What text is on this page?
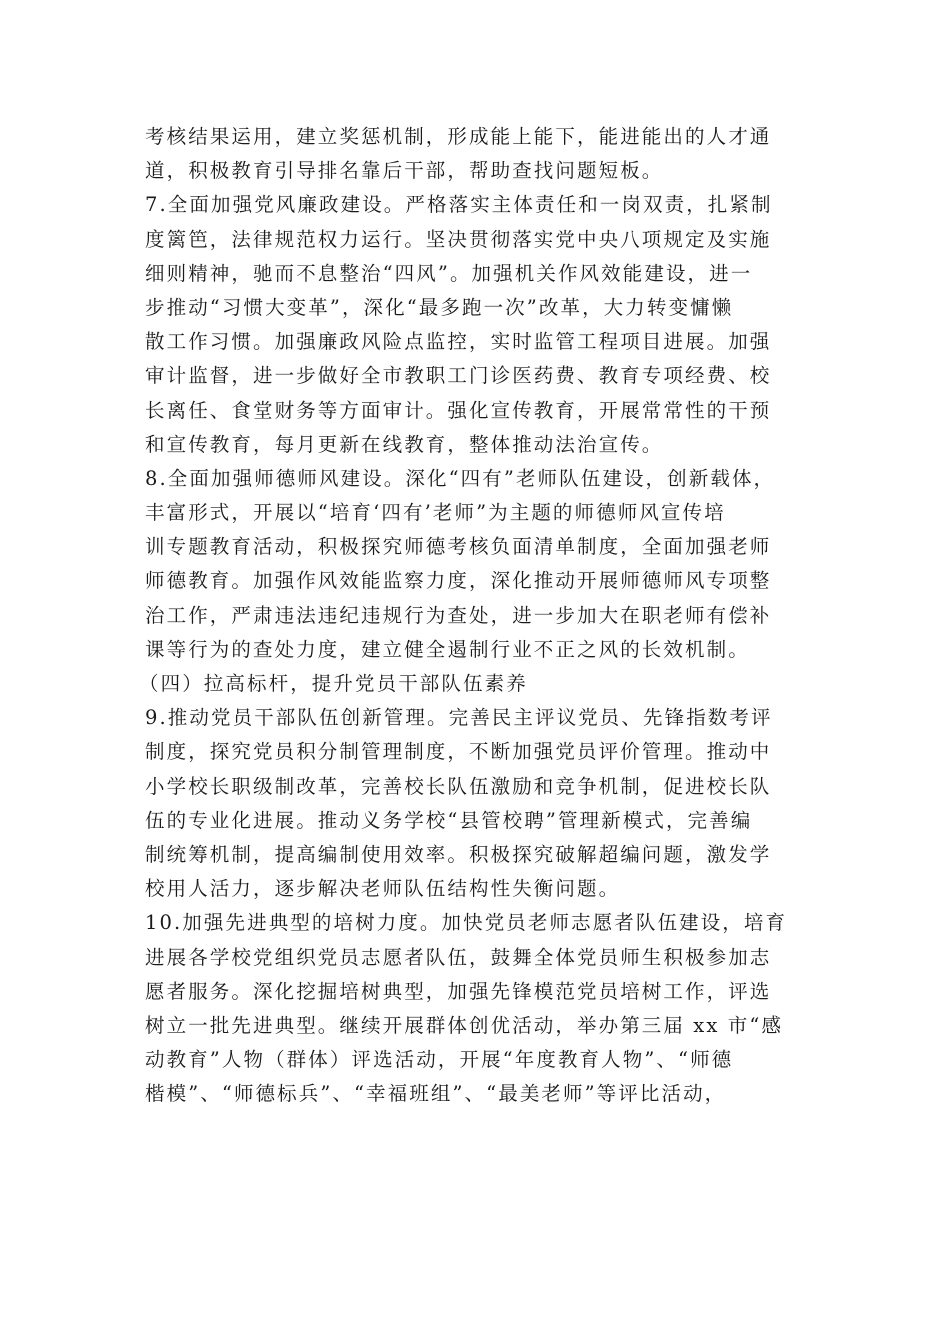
考核结果运用，建立奖惩机制，形成能上能下，能进能出的人才通
道，积极教育引导排名靠后干部，帮助查找问题短板。
7.全面加强党风廉政建设。严格落实主体责任和一岗双责，扎紧制
度篱笆，法律规范权力运行。坚决贯彻落实党中央八项规定及实施
细则精神，驰而不息整治“四风”。加强机关作风效能建设，进一
步推动“习惯大变革”，深化“最多跑一次”改革，大力转变慵懒
散工作习惯。加强廉政风险点监控，实时监管工程项目进展。加强
审计监督，进一步做好全市教职工门诊医药费、教育专项经费、校
长离任、食堂财务等方面审计。强化宣传教育，开展常常性的干预
和宣传教育，每月更新在线教育，整体推动法治宣传。
8.全面加强师德师风建设。深化“四有”老师队伍建设，创新载体，
丰富形式，开展以“培育‘四有’老师”为主题的师德师风宣传培
训专题教育活动，积极探究师德考核负面清单制度，全面加强老师
师德教育。加强作风效能监察力度，深化推动开展师德师风专项整
治工作，严肃违法违纪违规行为查处，进一步加大在职老师有偿补
课等行为的查处力度，建立健全遏制行业不正之风的长效机制。
（四）拉高标杆，提升党员干部队伍素养
9.推动党员干部队伍创新管理。完善民主评议党员、先锋指数考评
制度，探究党员积分制管理制度，不断加强党员评价管理。推动中
小学校长职级制改革，完善校长队伍激励和竞争机制，促进校长队
伍的专业化进展。推动义务学校“县管校聘”管理新模式，完善编
制统筹机制，提高编制使用效率。积极探究破解超编问题，激发学
校用人活力，逐步解决老师队伍结构性失衡问题。
10.加强先进典型的培树力度。加快党员老师志愿者队伍建设，培育
进展各学校党组织党员志愿者队伍，鼓舞全体党员师生积极参加志
愿者服务。深化挖掘培树典型，加强先锋模范党员培树工作，评选
树立一批先进典型。继续开展群体创优活动，举办第三届 xx 市“感
动教育”人物（群体）评选活动，开展“年度教育人物”、“师德
楷模”、“师德标兵”、“幸福班组”、“最美老师”等评比活动，
